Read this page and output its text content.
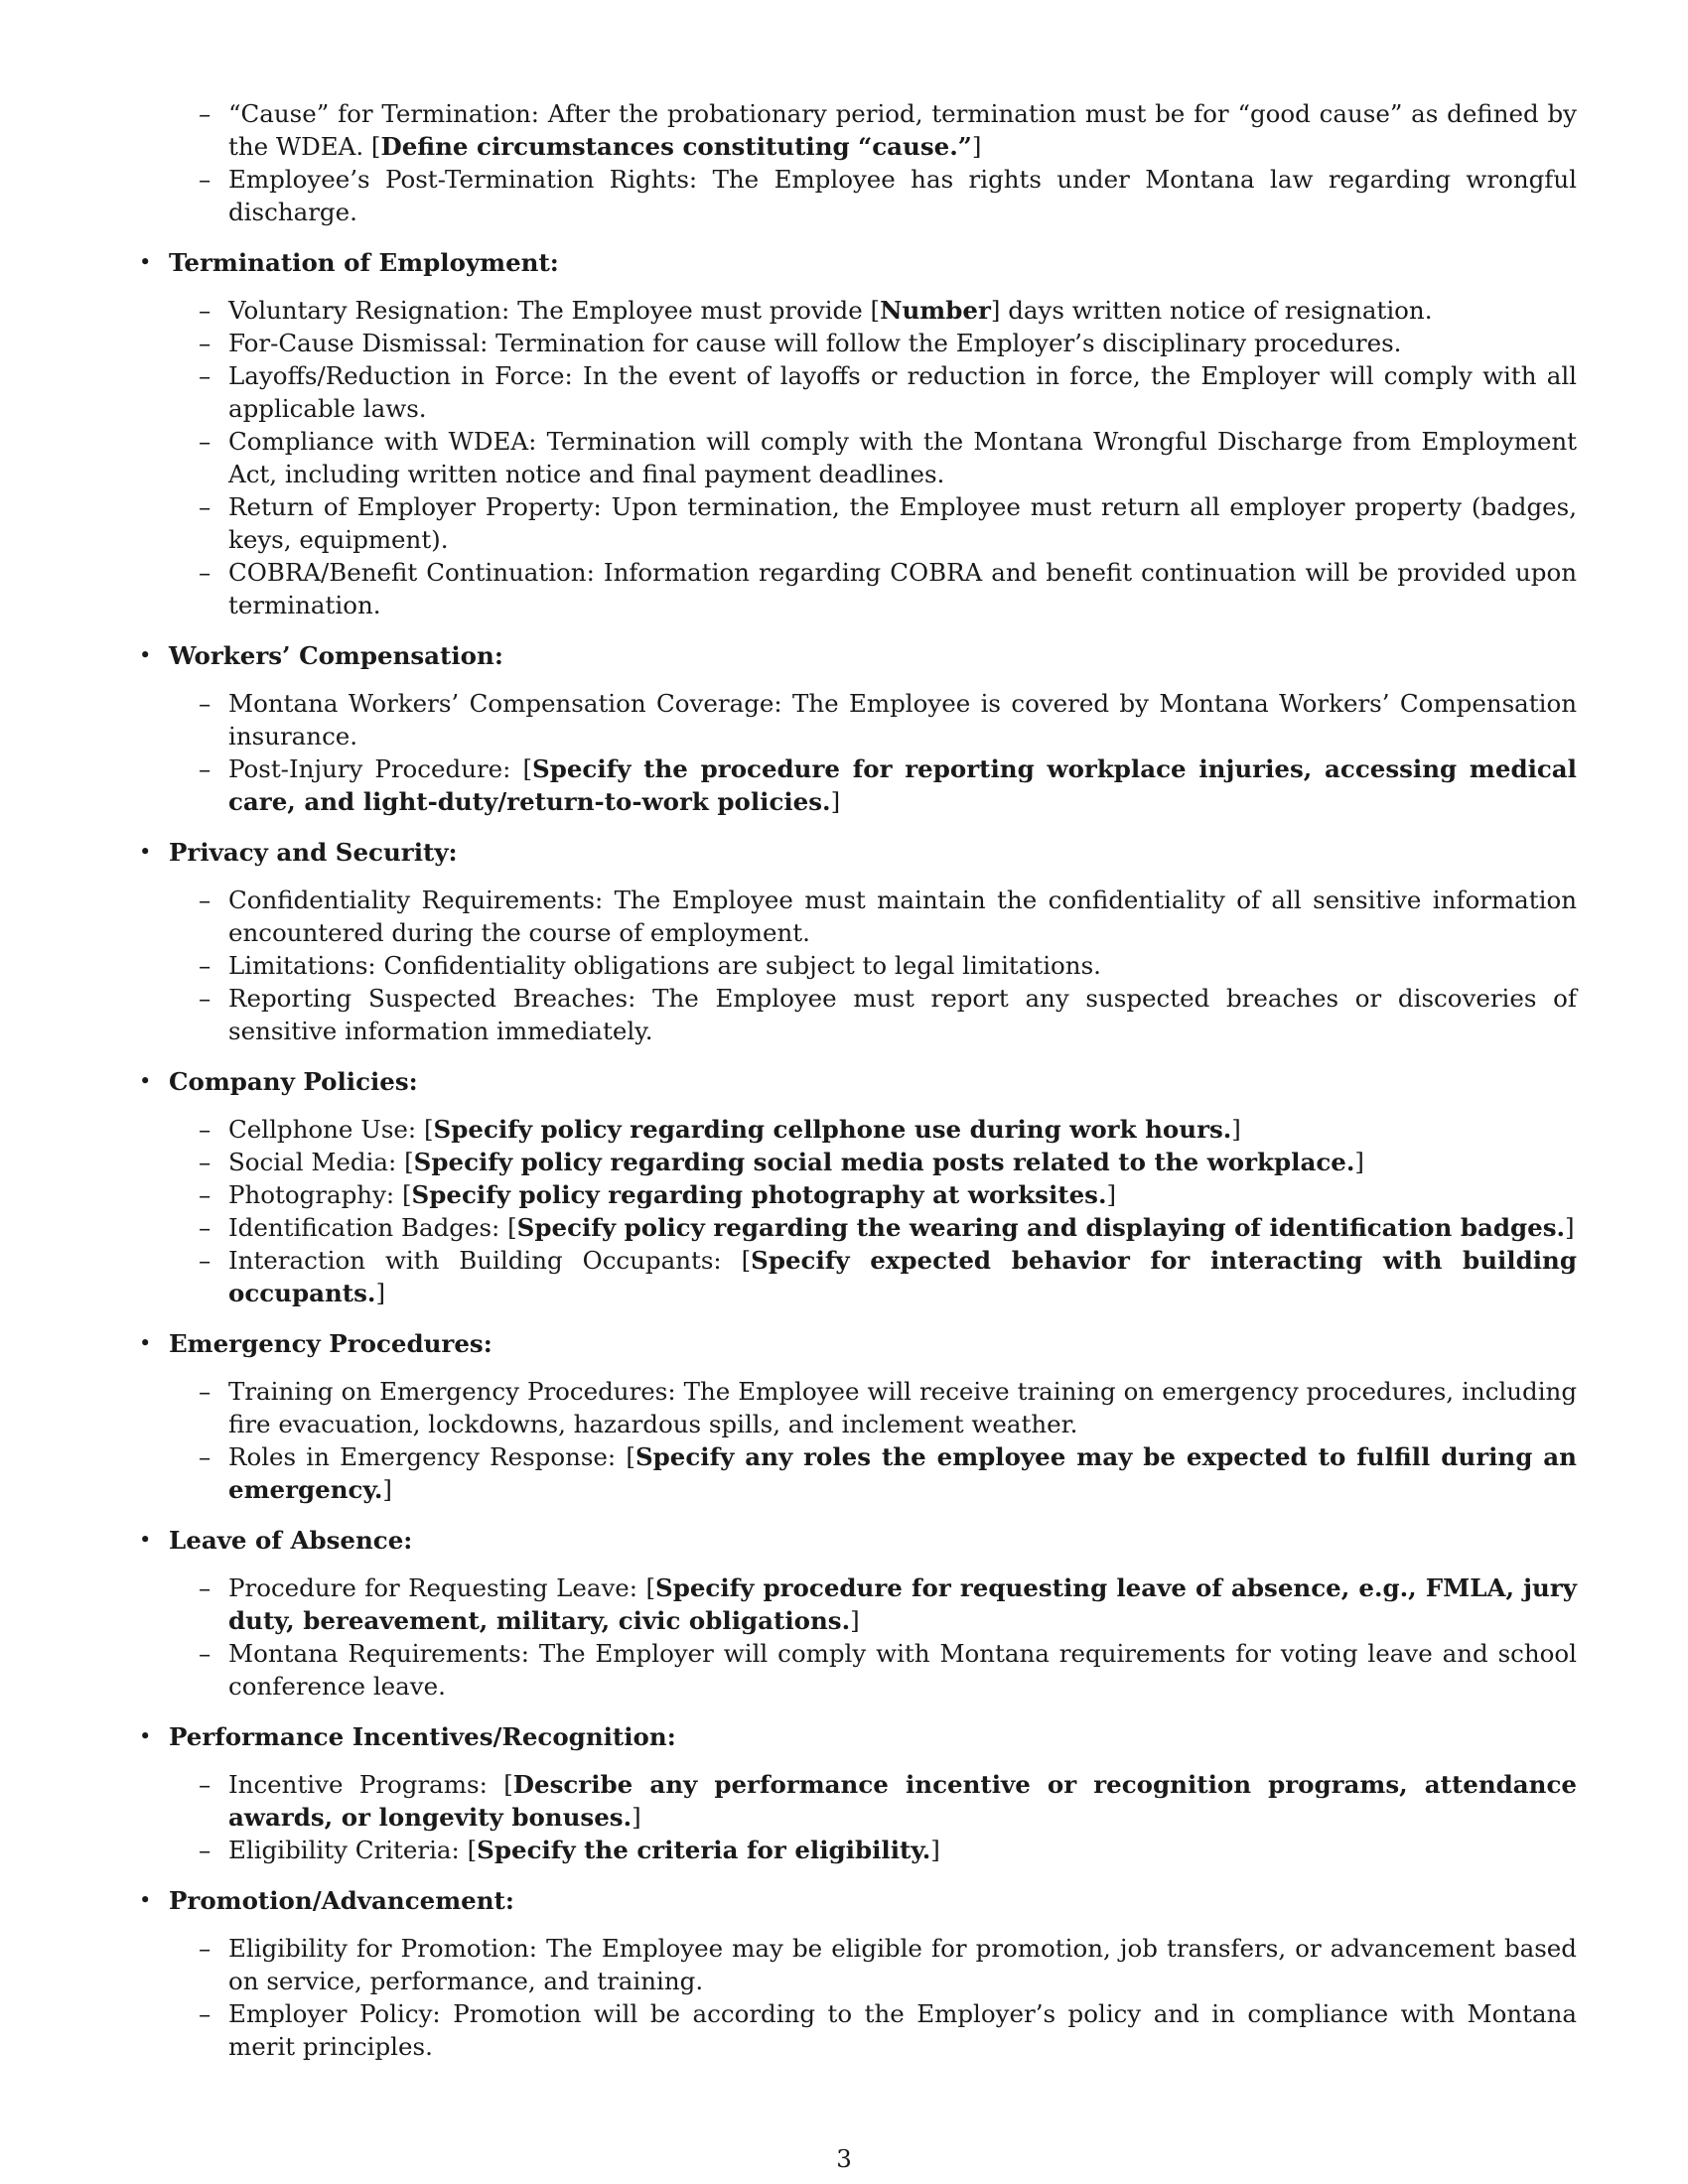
– “Cause” for Termination: After the probationary period, termination must be for “good cause” as defined by the WDEA. [Define circumstances constituting “cause.”]
– Employee’s Post-Termination Rights: The Employee has rights under Montana law regarding wrongful discharge.
• Termination of Employment:
– Voluntary Resignation: The Employee must provide [Number] days written notice of resignation.
– For-Cause Dismissal: Termination for cause will follow the Employer’s disciplinary procedures.
– Layoffs/Reduction in Force: In the event of layoffs or reduction in force, the Employer will comply with all applicable laws.
– Compliance with WDEA: Termination will comply with the Montana Wrongful Discharge from Employment Act, including written notice and final payment deadlines.
– Return of Employer Property: Upon termination, the Employee must return all employer property (badges, keys, equipment).
– COBRA/Benefit Continuation: Information regarding COBRA and benefit continuation will be provided upon termination.
• Workers’ Compensation:
– Montana Workers’ Compensation Coverage: The Employee is covered by Montana Workers’ Compensation insurance.
– Post-Injury Procedure: [Specify the procedure for reporting workplace injuries, accessing medical care, and light-duty/return-to-work policies.]
• Privacy and Security:
– Confidentiality Requirements: The Employee must maintain the confidentiality of all sensitive information encountered during the course of employment.
– Limitations: Confidentiality obligations are subject to legal limitations.
– Reporting Suspected Breaches: The Employee must report any suspected breaches or discoveries of sensitive information immediately.
• Company Policies:
– Cellphone Use: [Specify policy regarding cellphone use during work hours.]
– Social Media: [Specify policy regarding social media posts related to the workplace.]
– Photography: [Specify policy regarding photography at worksites.]
– Identification Badges: [Specify policy regarding the wearing and displaying of identification badges.]
– Interaction with Building Occupants: [Specify expected behavior for interacting with building occupants.]
• Emergency Procedures:
– Training on Emergency Procedures: The Employee will receive training on emergency procedures, including fire evacuation, lockdowns, hazardous spills, and inclement weather.
– Roles in Emergency Response: [Specify any roles the employee may be expected to fulfill during an emergency.]
• Leave of Absence:
– Procedure for Requesting Leave: [Specify procedure for requesting leave of absence, e.g., FMLA, jury duty, bereavement, military, civic obligations.]
– Montana Requirements: The Employer will comply with Montana requirements for voting leave and school conference leave.
• Performance Incentives/Recognition:
– Incentive Programs: [Describe any performance incentive or recognition programs, attendance awards, or longevity bonuses.]
– Eligibility Criteria: [Specify the criteria for eligibility.]
• Promotion/Advancement:
– Eligibility for Promotion: The Employee may be eligible for promotion, job transfers, or advancement based on service, performance, and training.
– Employer Policy: Promotion will be according to the Employer’s policy and in compliance with Montana merit principles.
3
